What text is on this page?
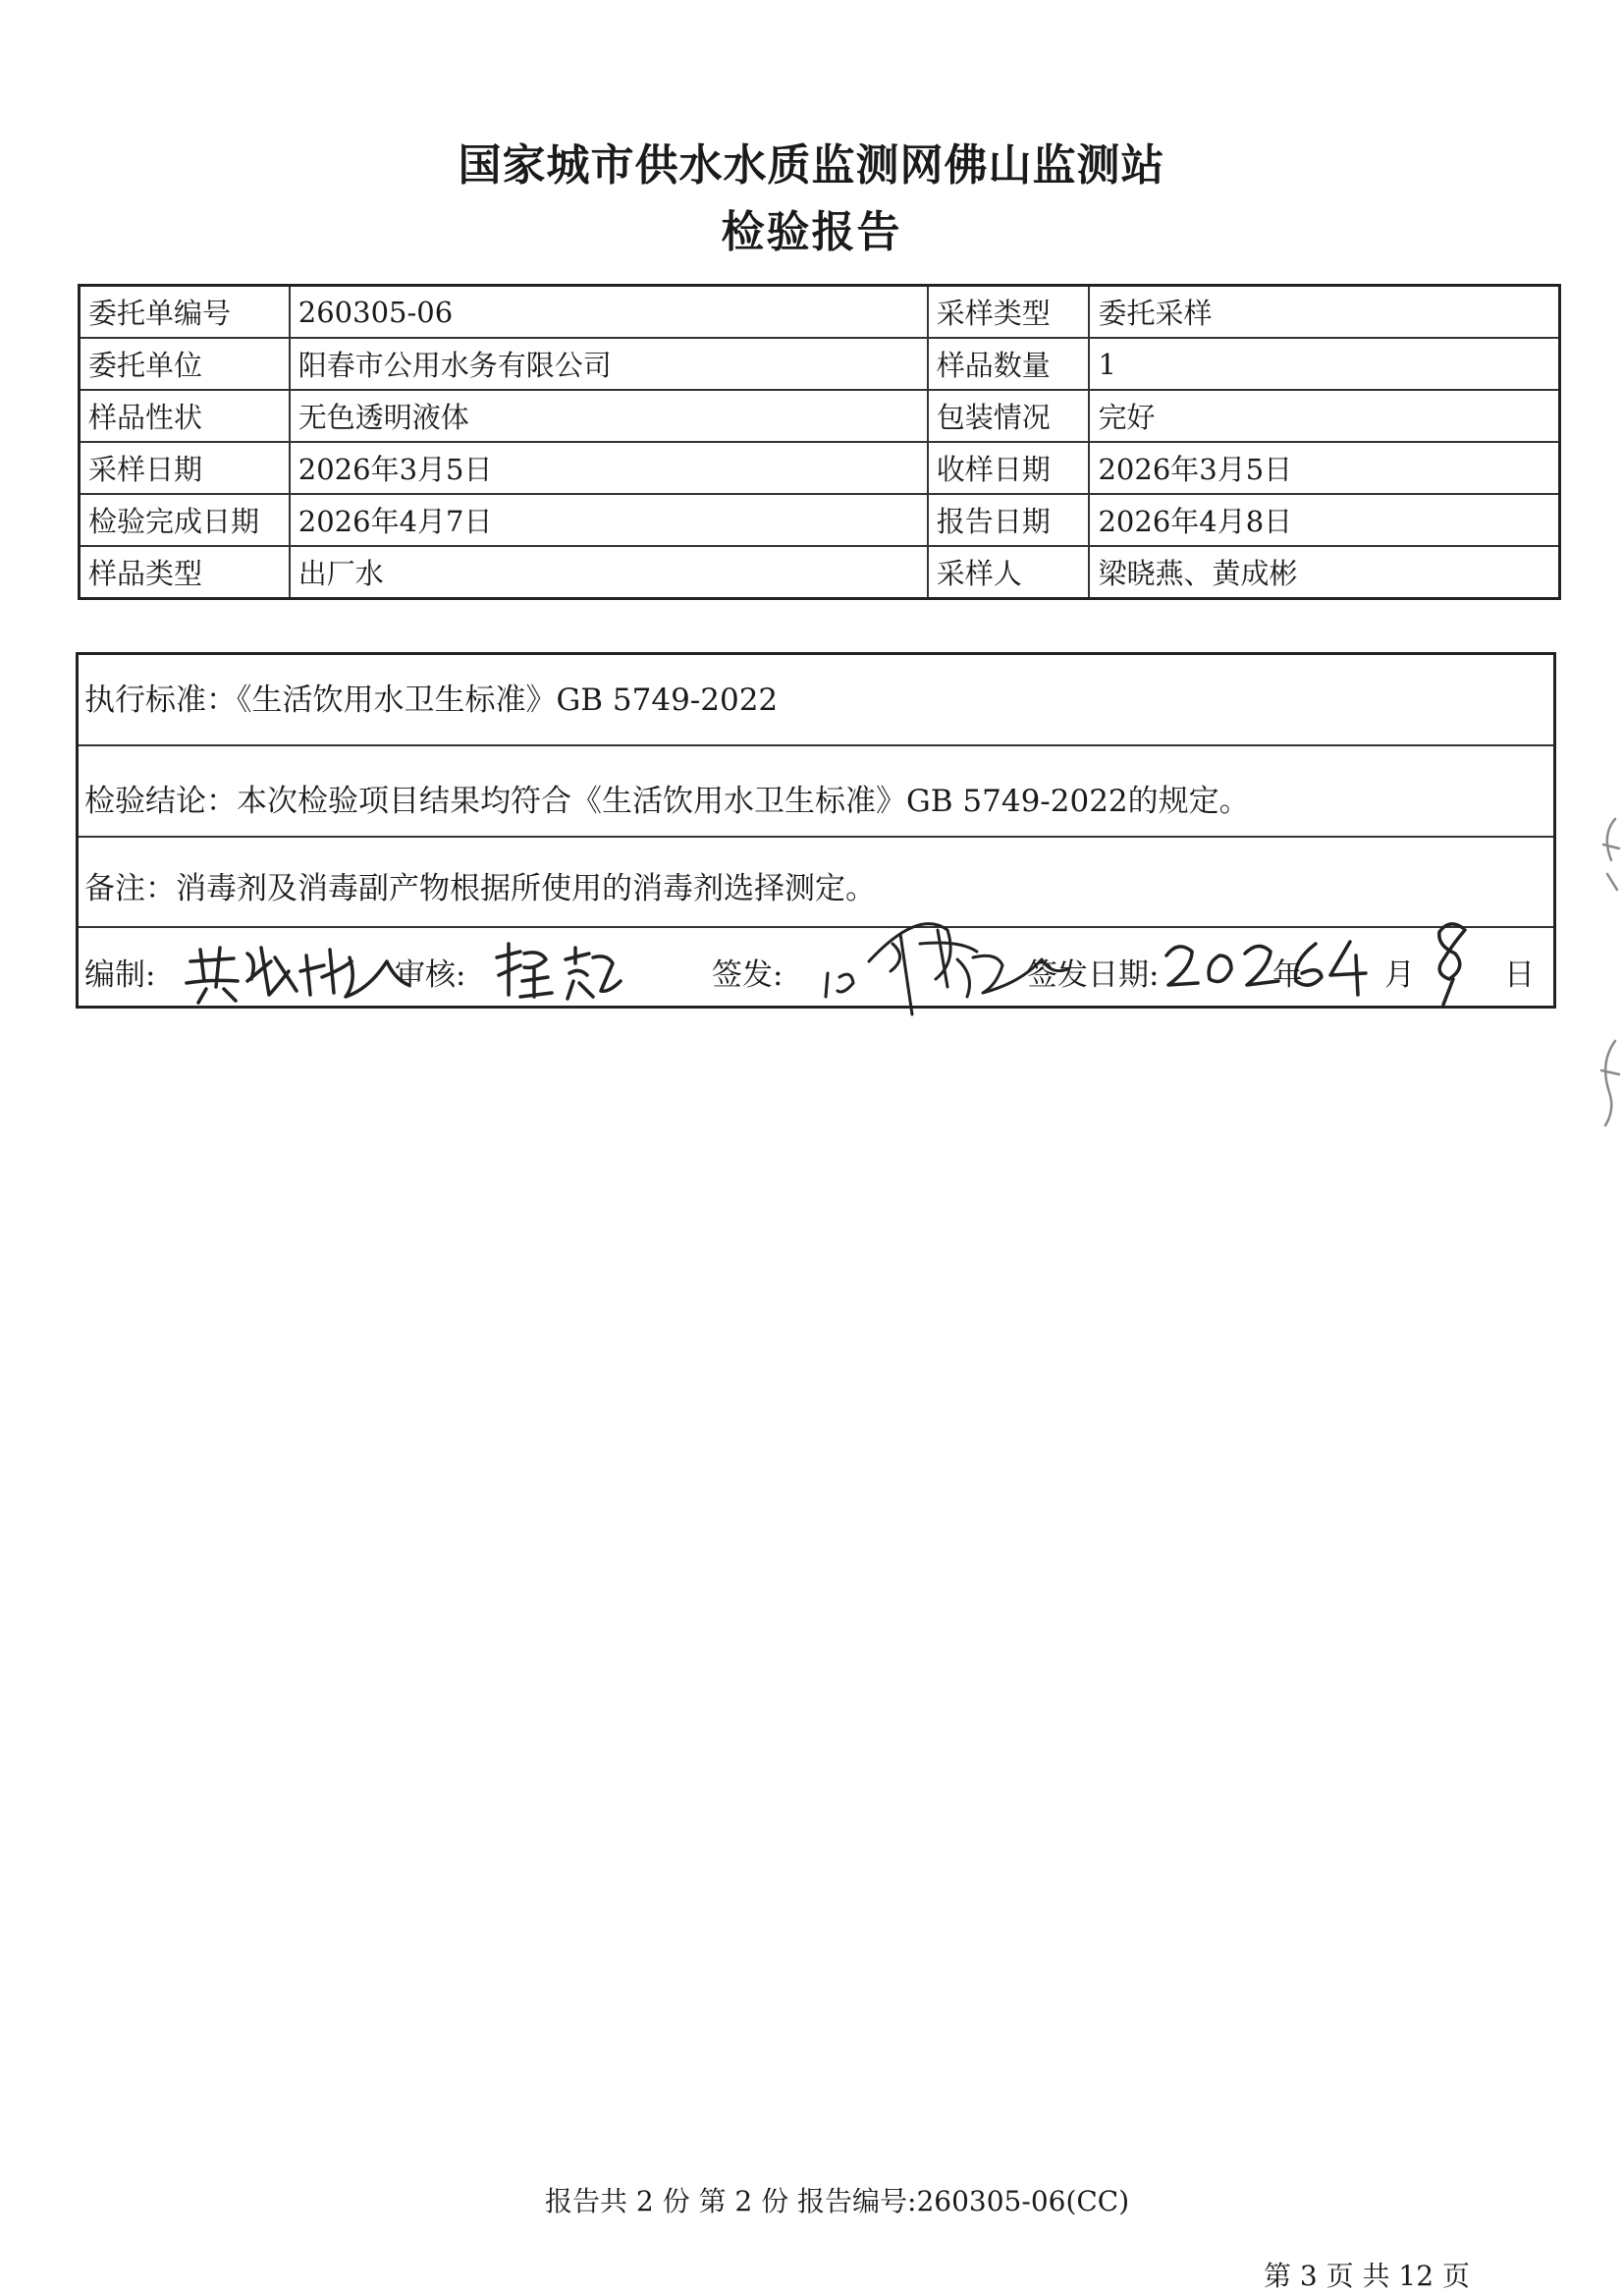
国家城市供水水质监测网佛山监测站
检验报告
委托单编号	260305-06	采样类型	委托采样
委托单位	阳春市公用水务有限公司	样品数量	1
样品性状	无色透明液体	包装情况	完好
采样日期	2026年3月5日	收样日期	2026年3月5日
检验完成日期	2026年4月7日	报告日期	2026年4月8日
样品类型	出厂水	采样人	梁晓燕、黄成彬
执行标准：《生活饮用水卫生标准》GB 5749-2022
检验结论：本次检验项目结果均符合《生活饮用水卫生标准》GB 5749-2022的规定。
备注：消毒剂及消毒副产物根据所使用的消毒剂选择测定。
编制:	审核:	签发:	签发日期:	年	月	日
报告共 2 份 第 2 份 报告编号:260305-06(CC)
第 3 页 共 12 页
